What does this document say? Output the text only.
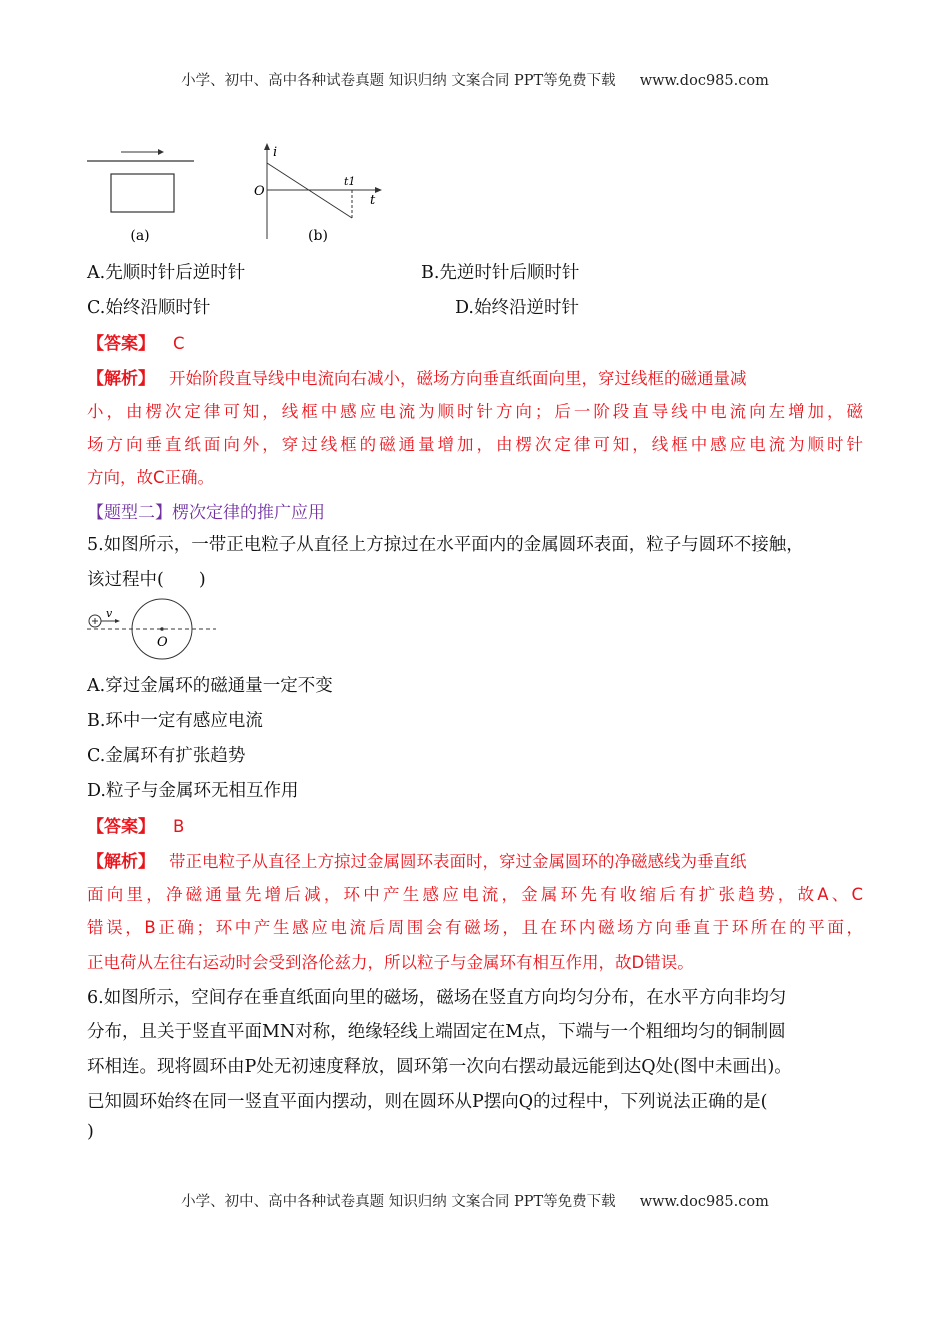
小学、初中、高中各种试卷真题 知识归纳 文案合同 PPT等免费下载 www.doc985.com
(a)
i
O
t1
t
(b)
A.先顺时针后逆时针	B.先逆时针后顺时针
C.始终沿顺时针	D.始终沿逆时针
【答案】 C
【解析】 开始阶段直导线中电流向右减小，磁场方向垂直纸面向里，穿过线框的磁通量减
小，由楞次定律可知，线框中感应电流为顺时针方向；后一阶段直导线中电流向左增加，磁
场方向垂直纸面向外，穿过线框的磁通量增加，由楞次定律可知，线框中感应电流为顺时针
方向，故C正确。
【题型二】楞次定律的推广应用
5.如图所示，一带正电粒子从直径上方掠过在水平面内的金属圆环表面，粒子与圆环不接触，
该过程中(　　)
v
O
A.穿过金属环的磁通量一定不变
B.环中一定有感应电流
C.金属环有扩张趋势
D.粒子与金属环无相互作用
【答案】 B
【解析】 带正电粒子从直径上方掠过金属圆环表面时，穿过金属圆环的净磁感线为垂直纸
面向里，净磁通量先增后减，环中产生感应电流，金属环先有收缩后有扩张趋势，故A、C
错误，B正确；环中产生感应电流后周围会有磁场，且在环内磁场方向垂直于环所在的平面，
正电荷从左往右运动时会受到洛伦兹力，所以粒子与金属环有相互作用，故D错误。
6.如图所示，空间存在垂直纸面向里的磁场，磁场在竖直方向均匀分布，在水平方向非均匀
分布，且关于竖直平面MN对称，绝缘轻线上端固定在M点，下端与一个粗细均匀的铜制圆
环相连。现将圆环由P处无初速度释放，圆环第一次向右摆动最远能到达Q处(图中未画出)。
已知圆环始终在同一竖直平面内摆动，则在圆环从P摆向Q的过程中，下列说法正确的是(
)
小学、初中、高中各种试卷真题 知识归纳 文案合同 PPT等免费下载 www.doc985.com
